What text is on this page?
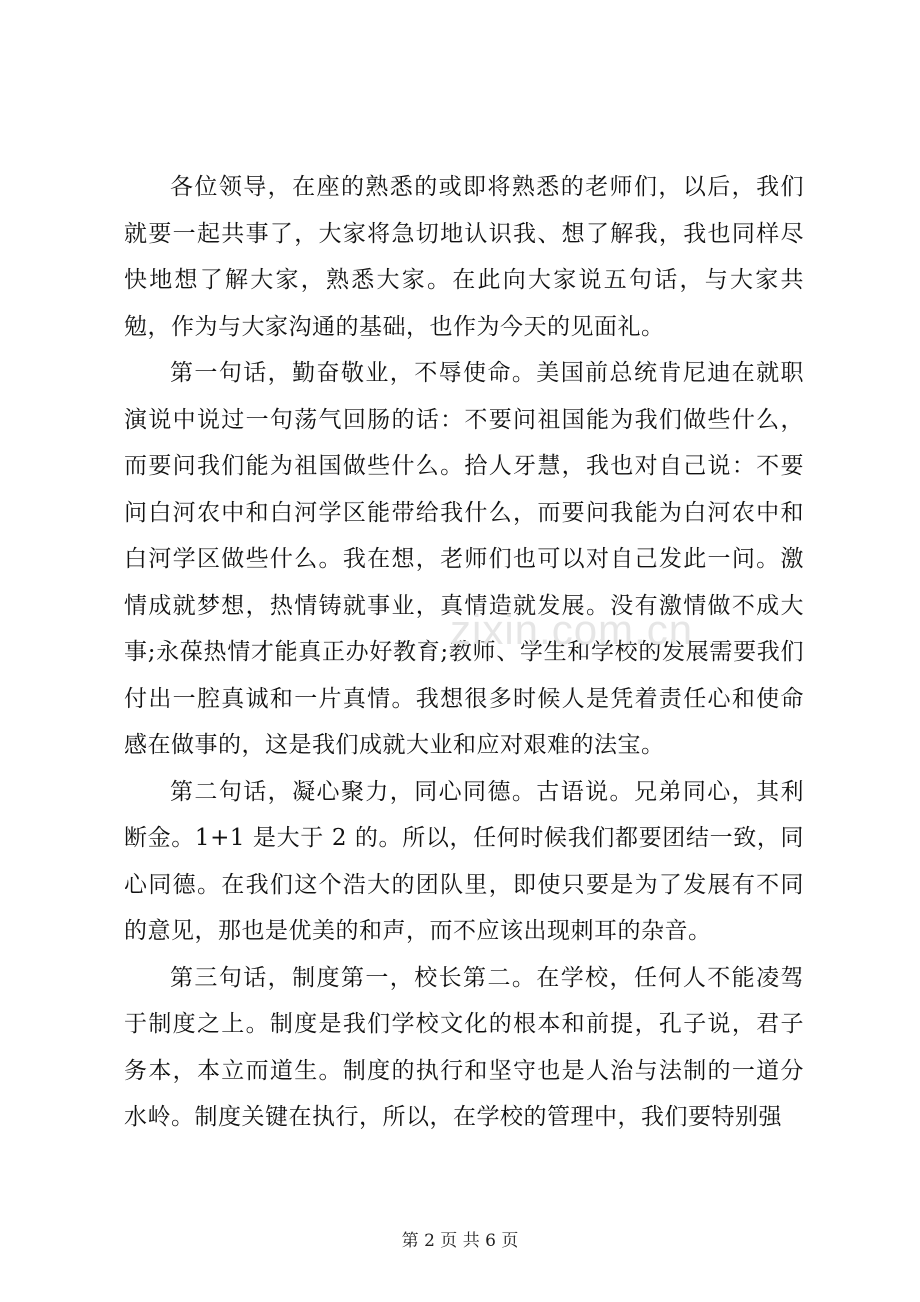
各位领导，在座的熟悉的或即将熟悉的老师们，以后，我们就要一起共事了，大家将急切地认识我、想了解我，我也同样尽快地想了解大家，熟悉大家。在此向大家说五句话，与大家共勉，作为与大家沟通的基础，也作为今天的见面礼。

第一句话，勤奋敬业，不辱使命。美国前总统肯尼迪在就职演说中说过一句荡气回肠的话：不要问祖国能为我们做些什么，而要问我们能为祖国做些什么。拾人牙慧，我也对自己说：不要问白河农中和白河学区能带给我什么，而要问我能为白河农中和白河学区做些什么。我在想，老师们也可以对自己发此一问。激情成就梦想，热情铸就事业，真情造就发展。没有激情做不成大事;永葆热情才能真正办好教育;教师、学生和学校的发展需要我们付出一腔真诚和一片真情。我想很多时候人是凭着责任心和使命感在做事的，这是我们成就大业和应对艰难的法宝。

第二句话，凝心聚力，同心同德。古语说。兄弟同心，其利断金。1+1 是大于 2 的。所以，任何时候我们都要团结一致，同心同德。在我们这个浩大的团队里，即使只要是为了发展有不同的意见，那也是优美的和声，而不应该出现刺耳的杂音。

第三句话，制度第一，校长第二。在学校，任何人不能凌驾于制度之上。制度是我们学校文化的根本和前提，孔子说，君子务本，本立而道生。制度的执行和坚守也是人治与法制的一道分水岭。制度关键在执行，所以，在学校的管理中，我们要特别强

zixin.com.cn
第 2 页 共 6 页
